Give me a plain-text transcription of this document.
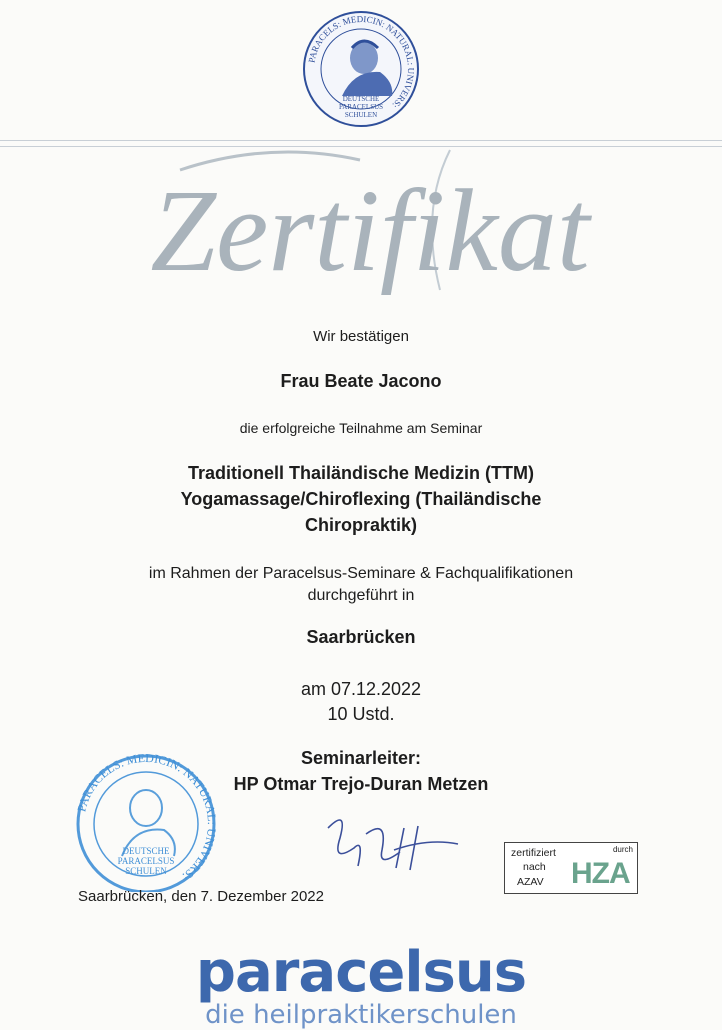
PARACELS: MEDICIN: NATURAL: UNIVERS:
DEUTSCHE
PARACELSUS
SCHULEN
Zertifikat
Wir bestätigen
Frau Beate Jacono
die erfolgreiche Teilnahme am Seminar
Traditionell Thailändische Medizin (TTM)
Yogamassage/Chiroflexing (Thailändische
Chiropraktik)
im Rahmen der Paracelsus-Seminare & Fachqualifikationen
durchgeführt in
Saarbrücken
am 07.12.2022
10 Ustd.
Seminarleiter:
HP Otmar Trejo-Duran Metzen
PARACELS: MEDICIN: NATURAL: UNIVERS:
DEUTSCHE
PARACELSUS
SCHULEN
Saarbrücken, den 7. Dezember 2022
zertifiziert
nach
AZAV
durch
HZA
paracelsus
die heilpraktikerschulen
